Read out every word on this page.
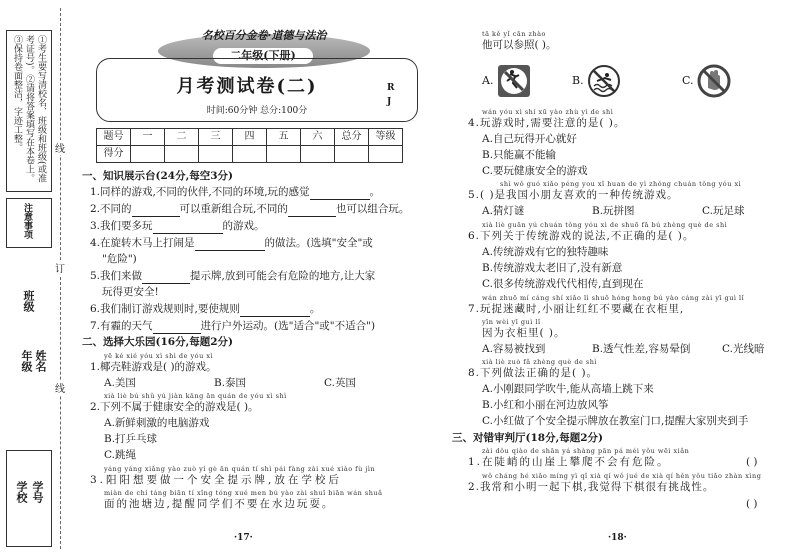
①考生要写清校名、班级和班级(或准考证号)。②请将答案填写在本卷上。③保持卷面整洁，字迹工整。
注意事项
班级
年级 姓名
学校 学号
线
订
线
名校百分金卷·道德与法治
二年级(下册)
月考测试卷(二)
时间:60分钟 总分:100分
RJ
题号	一	二	三	四	五	六	总分	等级
得分								
一、知识展示台(24分,每空3分)
1.同样的游戏,不同的伙伴,不同的环境,玩的感觉	。
2.不同的	可以重新组合玩,不同的	也可以组合玩。
3.我们要多玩	的游戏。
4.在旋转木马上打闹是	的做法。(选填"安全"或
"危险")
5.我们来做	提示牌,放到可能会有危险的地方,让大家
玩得更安全!
6.我们制订游戏规则时,要使规则	。
7.有霾的天气	进行户外运动。(选"适合"或"不适合")
二、选择大乐园(16分,每题2分)
yē ké xié yóu xì shì de yóu xì
1.椰壳鞋游戏是( )的游戏。
A.美国	B.泰国	C.英国
xià liè bú shǔ yú jiàn kāng ān quán de yóu xì shì
2.下列不属于健康安全的游戏是( )。
A.新鲜刺激的电脑游戏
B.打乒乓球
C.跳绳
yáng yáng xiǎng yào zuò yí gè ān quán tí shì pái fàng zài xué xiào fù jìn
3.阳阳想要做一个安全提示牌,放在学校后
miàn de chí táng biān tí xǐng tóng xué men bú yào zài shuǐ biān wán shuǎ
面的池塘边,提醒同学们不要在水边玩耍。
·17·
tā kě yǐ cān zhào
他可以参照( )。
A.	B.	C.
wán yóu xì shí xū yào zhù yì de shì
4.玩游戏时,需要注意的是( )。
A.自己玩得开心就好
B.只能赢不能输
C.要玩健康安全的游戏
shì wǒ guó xiǎo péng you xǐ huan de yì zhǒng chuán tǒng yóu xì
5.( )是我国小朋友喜欢的一种传统游戏。
A.猜灯谜	B.玩拼图	C.玩足球
xià liè guān yú chuán tǒng yóu xì de shuō fǎ bú zhèng què de shì
6.下列关于传统游戏的说法,不正确的是( )。
A.传统游戏有它的独特趣味
B.传统游戏太老旧了,没有新意
C.很多传统游戏代代相传,直到现在
wán zhuō mí cáng shí xiǎo lì shuō hóng hong bú yào cáng zài yī guì lǐ
7.玩捉迷藏时,小丽让红红不要藏在衣柜里,
yīn wèi yī guì lǐ
因为衣柜里( )。
A.容易被找到	B.透气性差,容易晕倒	C.光线暗
xià liè zuò fǎ zhèng què de shì
8.下列做法正确的是( )。
A.小刚跟同学吹牛,能从高墙上跳下来
B.小红和小丽在河边放风筝
C.小红做了个安全提示牌放在教室门口,提醒大家别夹到手
三、对错审判厅(18分,每题2分)
zài dǒu qiào de shān yá shàng pān pá méi yǒu wēi xiǎn
1.在陡峭的山崖上攀爬不会有危险。	( )
wǒ cháng hé xiǎo míng yì qǐ xià qí wǒ jué de xià qí hěn yǒu tiǎo zhàn xìng
2.我常和小明一起下棋,我觉得下棋很有挑战性。
( )
·18·
